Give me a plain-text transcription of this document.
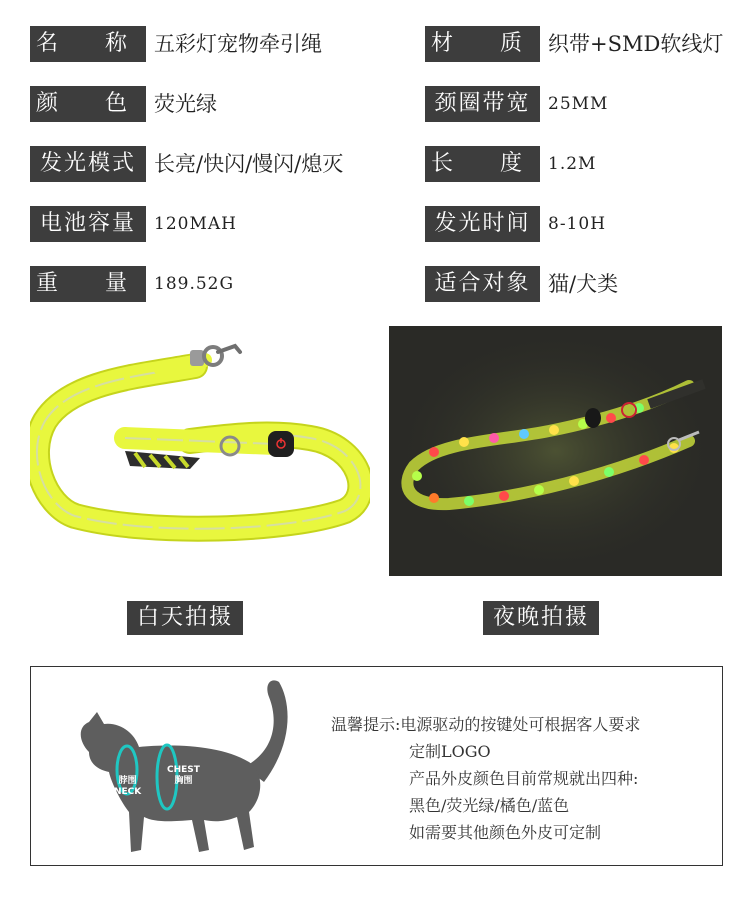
名　　称	五彩灯宠物牵引绳	材　　质	织带+SMD软线灯
颜　　色	荧光绿	颈圈带宽	25MM
发光模式 长亮/快闪/慢闪/熄灭	长　　度	1.2M
电池容量	120MAH	发光时间	8-10H
重　　量	189.52G	适合对象 猫/犬类
白天拍摄	夜晚拍摄
脖围
NECK
CHEST
胸围
温馨提示:电源驱动的按键处可根据客人要求
定制LOGO
产品外皮颜色目前常规就出四种:
黑色/荧光绿/橘色/蓝色
如需要其他颜色外皮可定制
